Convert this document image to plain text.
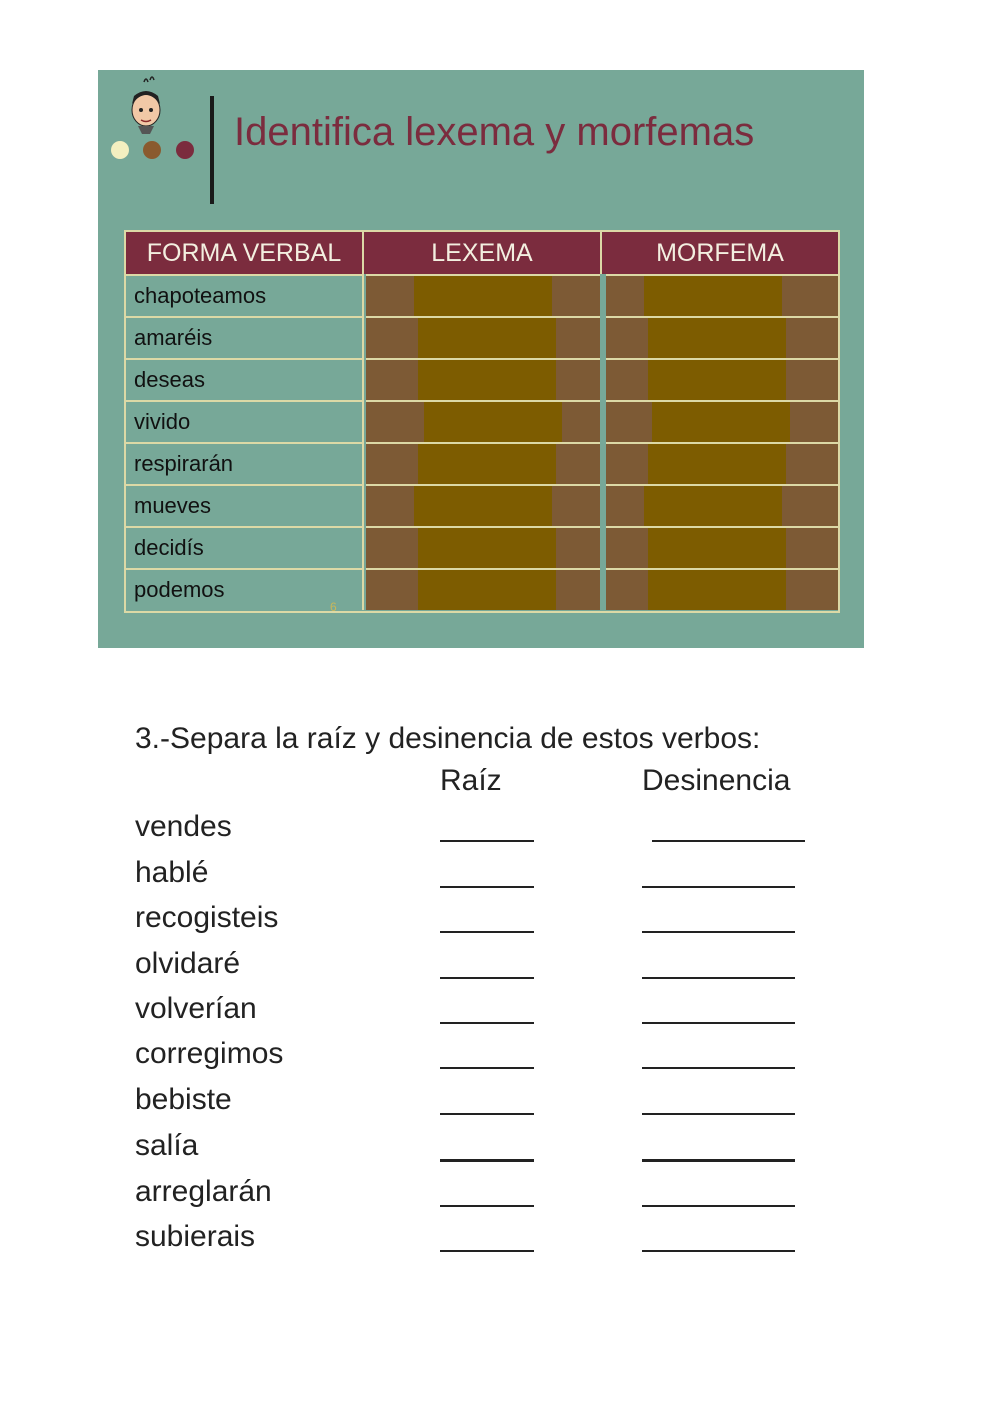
Identifica lexema y morfemas
FORMA VERBAL	LEXEMA	MORFEMA
chapoteamos
amaréis
deseas
vivido
respirarán
mueves
decidís
podemos
6
3.-Separa la raíz y desinencia de estos verbos:
Raíz	Desinencia
vendes
hablé
recogisteis
olvidaré
volverían
corregimos
bebiste
salía
arreglarán
subierais
